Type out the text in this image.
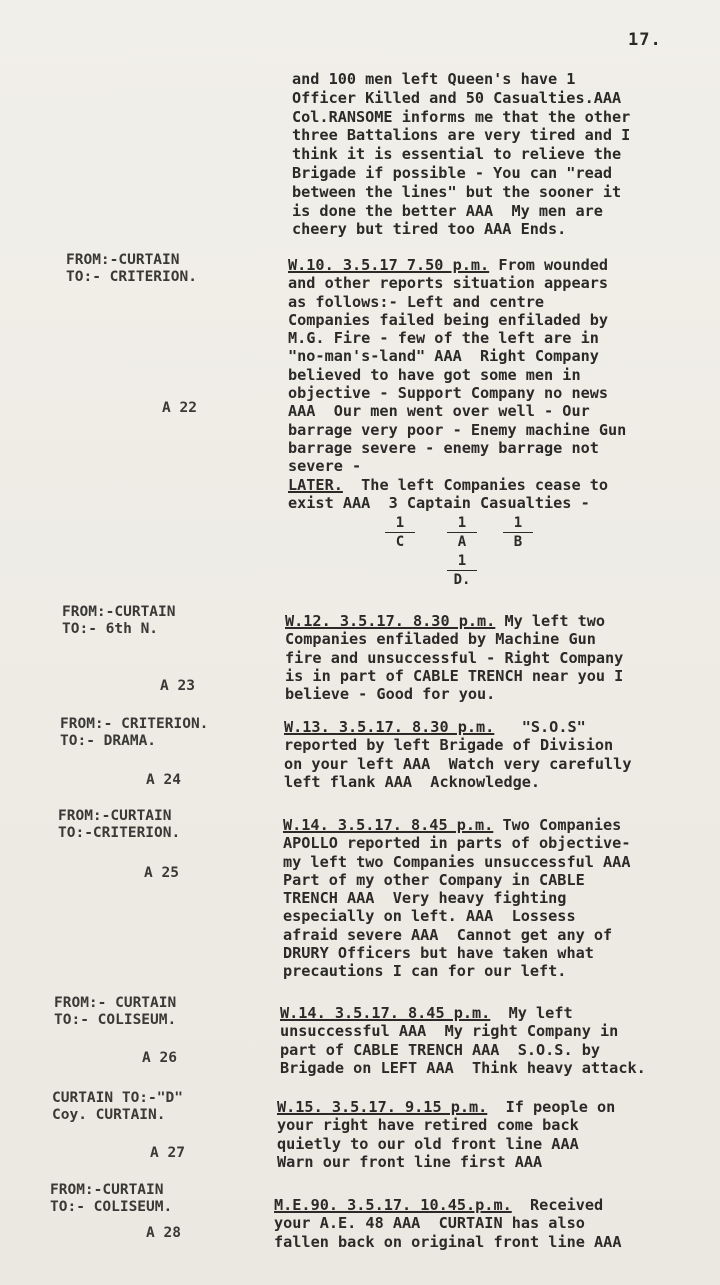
17.
and 100 men left Queen's have 1
Officer Killed and 50 Casualties.AAA
Col.RANSOME informs me that the other
three Battalions are very tired and I
think it is essential to relieve the
Brigade if possible - You can "read
between the lines" but the sooner it
is done the better AAA  My men are
cheery but tired too AAA Ends.
FROM:-CURTAIN
TO:- CRITERION.
A 22
W.10. 3.5.17 7.50 p.m. From wounded
and other reports situation appears
as follows:- Left and centre
Companies failed being enfiladed by
M.G. Fire - few of the left are in
"no-man's-land" AAA  Right Company
believed to have got some men in
objective - Support Company no news
AAA  Our men went over well - Our
barrage very poor - Enemy machine Gun
barrage severe - enemy barrage not
severe -
LATER.  The left Companies cease to
exist AAA  3 Captain Casualties -
1
C
1
A
1
B
1
D.
FROM:-CURTAIN
TO:- 6th N.
A 23
W.12. 3.5.17. 8.30 p.m. My left two
Companies enfiladed by Machine Gun
fire and unsuccessful - Right Company
is in part of CABLE TRENCH near you I
believe - Good for you.
FROM:- CRITERION.
TO:- DRAMA.
A 24
W.13. 3.5.17. 8.30 p.m.   "S.O.S"
reported by left Brigade of Division
on your left AAA  Watch very carefully
left flank AAA  Acknowledge.
FROM:-CURTAIN
TO:-CRITERION.
A 25
W.14. 3.5.17. 8.45 p.m. Two Companies
APOLLO reported in parts of objective-
my left two Companies unsuccessful AAA
Part of my other Company in CABLE
TRENCH AAA  Very heavy fighting
especially on left. AAA  Lossess
afraid severe AAA  Cannot get any of
DRURY Officers but have taken what
precautions I can for our left.
FROM:- CURTAIN
TO:- COLISEUM.
A 26
W.14. 3.5.17. 8.45 p.m.  My left
unsuccessful AAA  My right Company in
part of CABLE TRENCH AAA  S.O.S. by
Brigade on LEFT AAA  Think heavy attack.
CURTAIN TO:-"D"
Coy. CURTAIN.
A 27
W.15. 3.5.17. 9.15 p.m.  If people on
your right have retired come back
quietly to our old front line AAA
Warn our front line first AAA
FROM:-CURTAIN
TO:- COLISEUM.
A 28
M.E.90. 3.5.17. 10.45.p.m.  Received
your A.E. 48 AAA  CURTAIN has also
fallen back on original front line AAA
